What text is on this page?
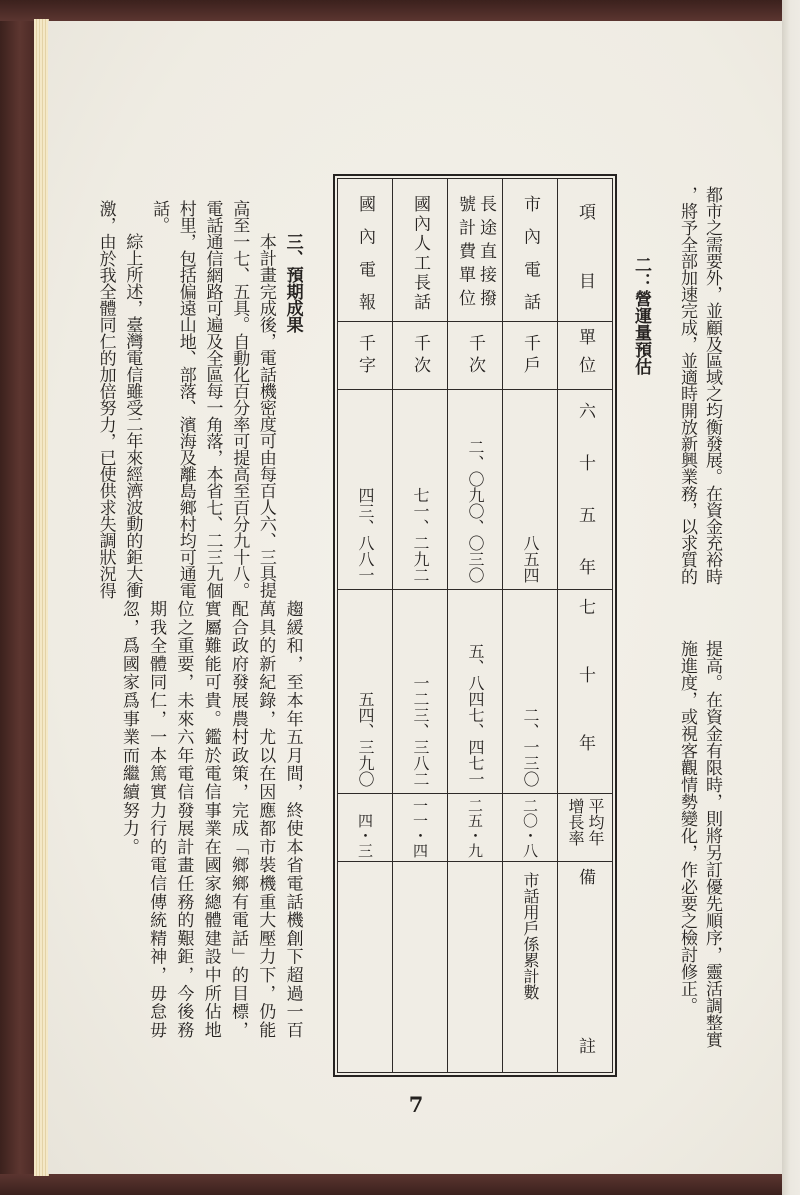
都市之需要外，並顧及區域之均衡發展。在資金充裕時
，將予全部加速完成，並適時開放新興業務，以求質的
二：營運量預估
提高。在資金有限時，則將另訂優先順序，靈活調整實
施進度，或視客觀情勢變化，作必要之檢討修正。
項目
單位
六十五年
七十年
平均年增長率
備註
市內電話
千戶
八五四
二、一三〇
二〇・八
市話用戶係累計數
長途直接撥號計費單位
千次
二、〇九〇、〇三〇
五、八四七、四七一
二五・九
國內人工長話
千次
七一、二九二
一二三、三八二
一一・四
國內電報
千字
四三、八八一
五四、三九〇
四・三
三、預期成果
本計畫完成後，電話機密度可由每百人六、三具提
高至一七、五具。自動化百分率可提高至百分九十八。
電話通信網路可遍及全區每一角落，本省七、二三九個
村里，包括偏遠山地、部落、濱海及離島鄉村均可通電
話。
綜上所述，臺灣電信雖受二年來經濟波動的鉅大衝
激，由於我全體同仁的加倍努力，已使供求失調狀況得
趨緩和，至本年五月間，終使本省電話機創下超過一百
萬具的新紀錄，尤以在因應都市裝機重大壓力下，仍能
配合政府發展農村政策，完成「鄉鄉有電話」的目標，
實屬難能可貴。鑑於電信事業在國家總體建設中所佔地
位之重要，未來六年電信發展計畫任務的艱鉅，今後務
期我全體同仁，一本篤實力行的電信傳統精神，毋怠毋
忽，爲國家爲事業而繼續努力。
7
